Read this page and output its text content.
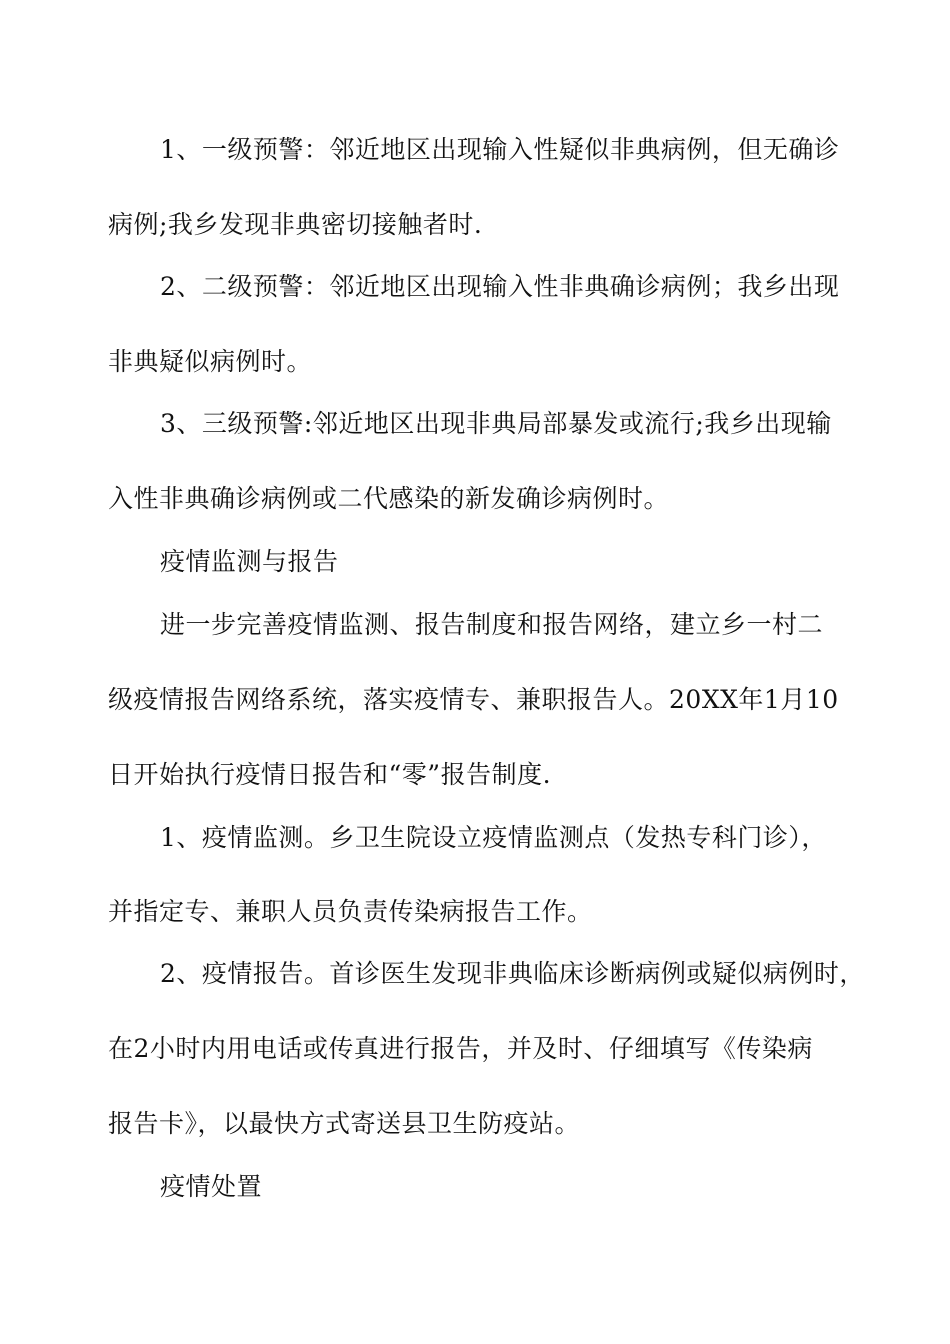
1、一级预警：邻近地区出现输入性疑似非典病例，但无确诊
病例;我乡发现非典密切接触者时.
2、二级预警：邻近地区出现输入性非典确诊病例；我乡出现
非典疑似病例时。
3、三级预警:邻近地区出现非典局部暴发或流行;我乡出现输
入性非典确诊病例或二代感染的新发确诊病例时。
疫情监测与报告
进一步完善疫情监测、报告制度和报告网络，建立乡一村二
级疫情报告网络系统，落实疫情专、兼职报告人。20XX年1月10
日开始执行疫情日报告和“零”报告制度.
1、疫情监测。乡卫生院设立疫情监测点（发热专科门诊），
并指定专、兼职人员负责传染病报告工作。
2、疫情报告。首诊医生发现非典临床诊断病例或疑似病例时，
在2小时内用电话或传真进行报告，并及时、仔细填写《传染病
报告卡》，以最快方式寄送县卫生防疫站。
疫情处置
